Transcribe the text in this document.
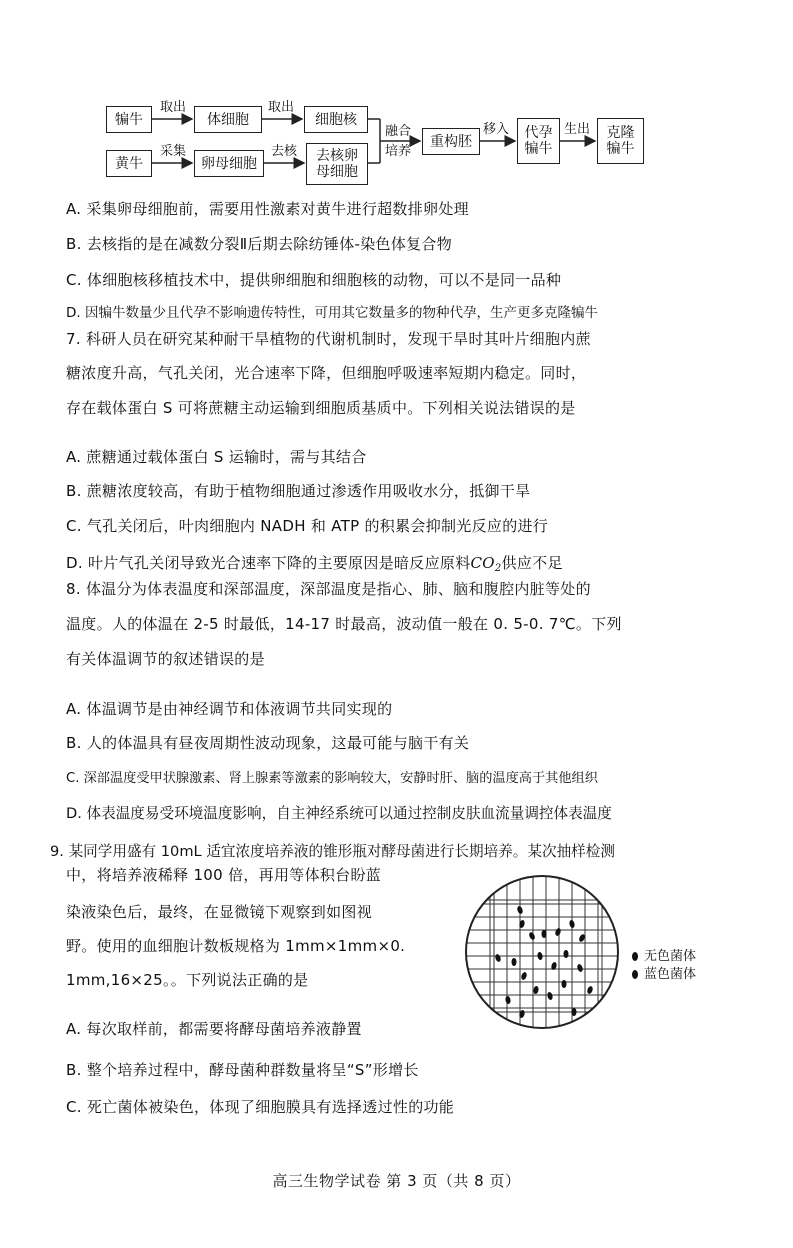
犏牛	体细胞	细胞核
黄牛	卵母细胞	去核卵母细胞
重构胚
代孕犏牛
克隆犏牛
取出	取出
采集	去核
融合培养
移入	生出
A. 采集卵母细胞前，需要用性激素对黄牛进行超数排卵处理
B. 去核指的是在减数分裂Ⅱ后期去除纺锤体-染色体复合物
C. 体细胞核移植技术中，提供卵细胞和细胞核的动物，可以不是同一品种
D. 因犏牛数量少且代孕不影响遗传特性，可用其它数量多的物种代孕，生产更多克隆犏牛
7. 科研人员在研究某种耐干旱植物的代谢机制时，发现干旱时其叶片细胞内蔗
糖浓度升高，气孔关闭，光合速率下降，但细胞呼吸速率短期内稳定。同时，
存在载体蛋白 S 可将蔗糖主动运输到细胞质基质中。下列相关说法错误的是
A. 蔗糖通过载体蛋白 S 运输时，需与其结合
B. 蔗糖浓度较高，有助于植物细胞通过渗透作用吸收水分，抵御干旱
C. 气孔关闭后，叶肉细胞内 NADH 和 ATP 的积累会抑制光反应的进行
D. 叶片气孔关闭导致光合速率下降的主要原因是暗反应原料$CO_2$供应不足
8. 体温分为体表温度和深部温度，深部温度是指心、肺、脑和腹腔内脏等处的
温度。人的体温在 2-5 时最低，14-17 时最高，波动值一般在 0. 5-0. 7℃。下列
有关体温调节的叙述错误的是
A. 体温调节是由神经调节和体液调节共同实现的
B. 人的体温具有昼夜周期性波动现象，这最可能与脑干有关
C. 深部温度受甲状腺激素、肾上腺素等激素的影响较大，安静时肝、脑的温度高于其他组织
D. 体表温度易受环境温度影响，自主神经系统可以通过控制皮肤血流量调控体表温度
9. 某同学用盛有 10mL 适宜浓度培养液的锥形瓶对酵母菌进行长期培养。某次抽样检测
中，将培养液稀释 100 倍，再用等体积台盼蓝
染液染色后，最终，在显微镜下观察到如图视
野。使用的血细胞计数板规格为 1mm×1mm×0.
1mm,16×25。。下列说法正确的是
无色菌体
蓝色菌体
A. 每次取样前，都需要将酵母菌培养液静置
B. 整个培养过程中，酵母菌种群数量将呈“S”形增长
C. 死亡菌体被染色，体现了细胞膜具有选择透过性的功能
高三生物学试卷 第 3 页（共 8 页）
